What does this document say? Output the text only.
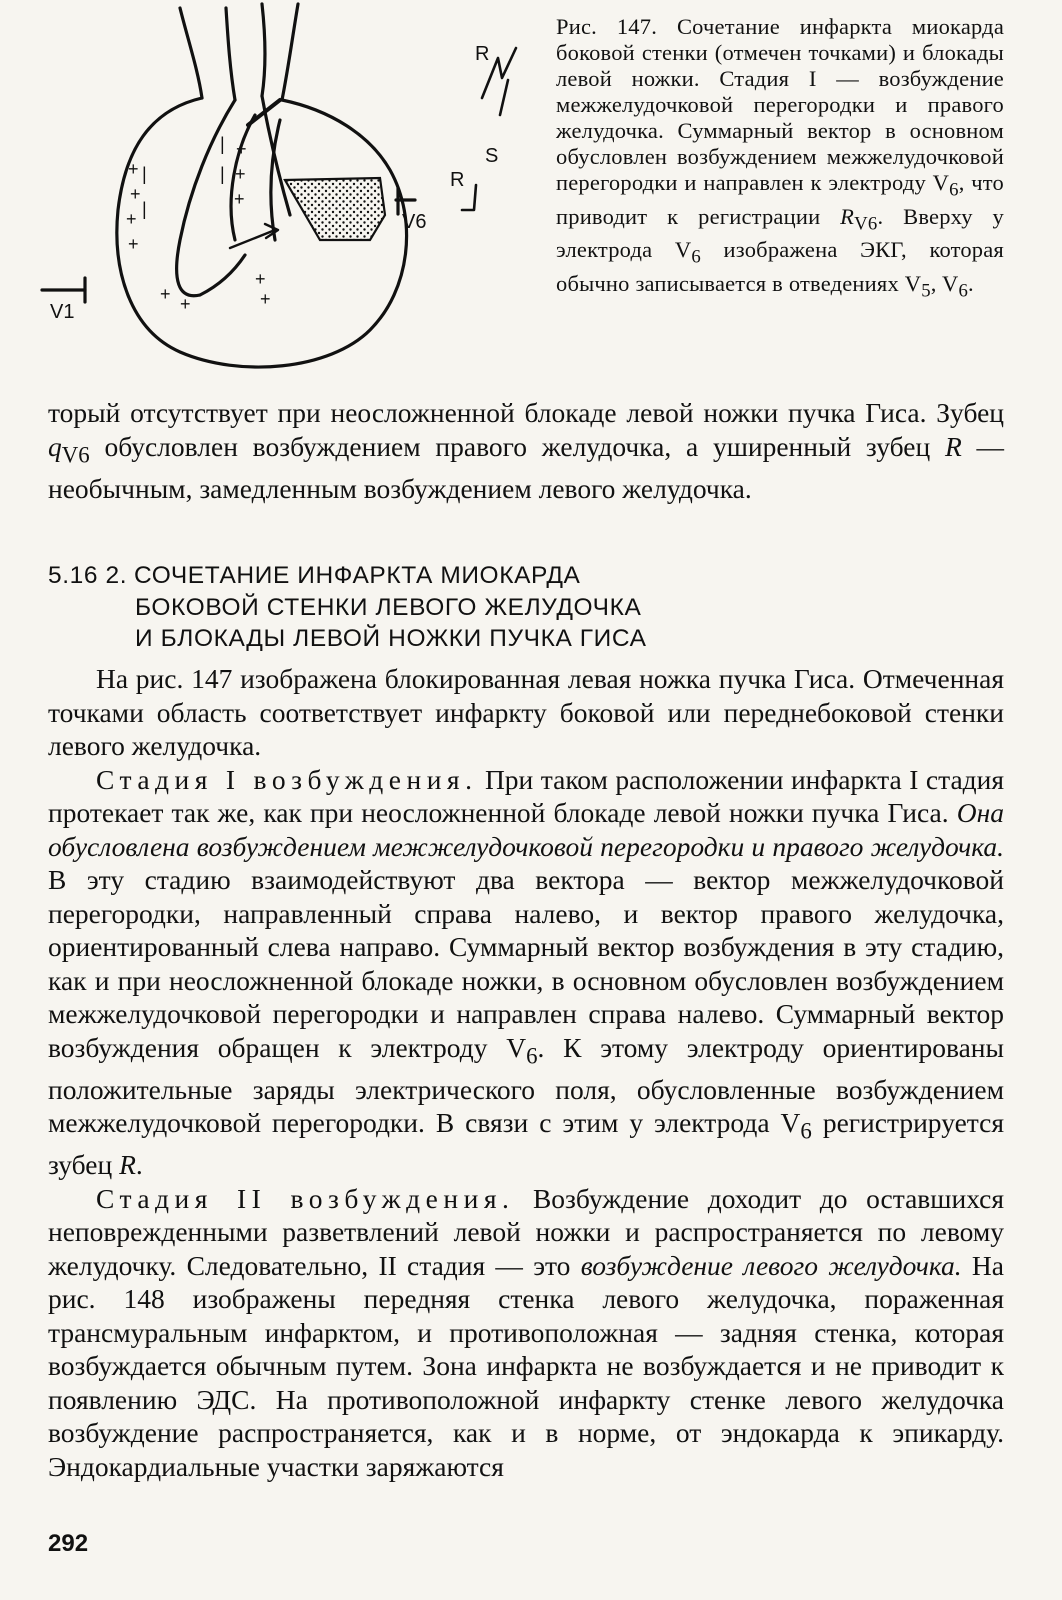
+
+
+
+
|
|
+
+
+
|
|
+
+
+ +
R
S
R
V6
V1

Рис. 147. Сочетание инфаркта миокарда боковой стенки (отмечен точками) и блокады левой ножки. Стадия I — возбуждение межжелудочковой перегородки и правого желудочка. Суммарный вектор в основном обусловлен возбуждением межжелудочковой перегородки и направлен к электроду $V_6$, что приводит к регистрации $R_{V6}$. Вверху у электрода $V_6$ изображена ЭКГ, которая обычно записывается в отведениях $V_5$, $V_6$.

торый отсутствует при неосложненной блокаде левой ножки пучка Гиса. Зубец $q_{V6}$ обусловлен возбуждением правого желудочка, а уширенный зубец R — необычным, замедленным возбуждением левого желудочка.

5.16 2. СОЧЕТАНИЕ ИНФАРКТА МИОКАРДА
БОКОВОЙ СТЕНКИ ЛЕВОГО ЖЕЛУДОЧКА
И БЛОКАДЫ ЛЕВОЙ НОЖКИ ПУЧКА ГИСА

На рис. 147 изображена блокированная левая ножка пучка Гиса. Отмеченная точками область соответствует инфаркту боковой или переднебоковой стенки левого желудочка.

Стадия I возбуждения. При таком расположении инфаркта I стадия протекает так же, как при неосложненной блокаде левой ножки пучка Гиса. Она обусловлена возбуждением межжелудочковой перегородки и правого желудочка. В эту стадию взаимодействуют два вектора — вектор межжелудочковой перегородки, направленный справа налево, и вектор правого желудочка, ориентированный слева направо. Суммарный вектор возбуждения в эту стадию, как и при неосложненной блокаде ножки, в основном обусловлен возбуждением межжелудочковой перегородки и направлен справа налево. Суммарный вектор возбуждения обращен к электроду $V_6$. К этому электроду ориентированы положительные заряды электрического поля, обусловленные возбуждением межжелудочковой перегородки. В связи с этим у электрода $V_6$ регистрируется зубец R.

Стадия II возбуждения. Возбуждение доходит до оставшихся неповрежденными разветвлений левой ножки и распространяется по левому желудочку. Следовательно, II стадия — это возбуждение левого желудочка. На рис. 148 изображены передняя стенка левого желудочка, пораженная трансмуральным инфарктом, и противоположная — задняя стенка, которая возбуждается обычным путем. Зона инфаркта не возбуждается и не приводит к появлению ЭДС. На противоположной инфаркту стенке левого желудочка возбуждение распространяется, как и в норме, от эндокарда к эпикарду. Эндокардиальные участки заряжаются

292
